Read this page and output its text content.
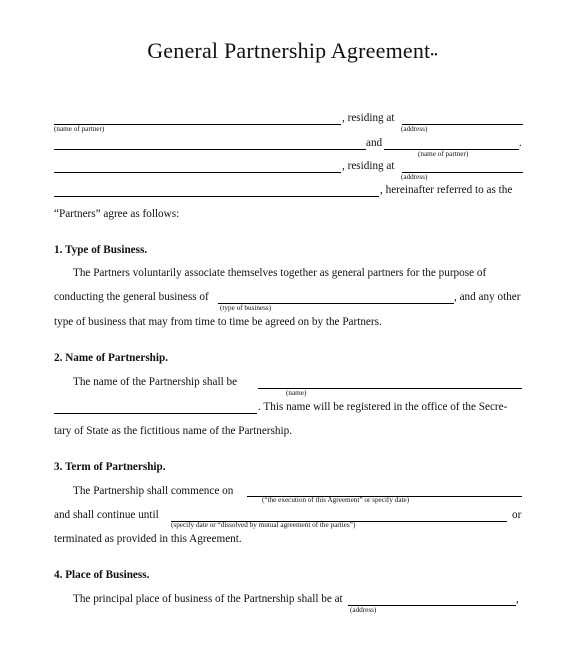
General Partnership Agreement••
, residing at
(name of partner)	(address)
and	.
(name of partner)
, residing at
(address)
, hereinafter referred to as the
“Partners” agree as follows:
1. Type of Business.
The Partners voluntarily associate themselves together as general partners for the purpose of
conducting the general business of	, and any other
(type of business)
type of business that may from time to time be agreed on by the Partners.
2. Name of Partnership.
The name of the Partnership shall be
(name)
. This name will be registered in the office of the Secre-
tary of State as the fictitious name of the Partnership.
3. Term of Partnership.
The Partnership shall commence on
(“the execution of this Agreement” or specify date)
and shall continue until	or
(specify date or “dissolved by mutual agreement of the parties”)
terminated as provided in this Agreement.
4. Place of Business.
The principal place of business of the Partnership shall be at	,
(address)
